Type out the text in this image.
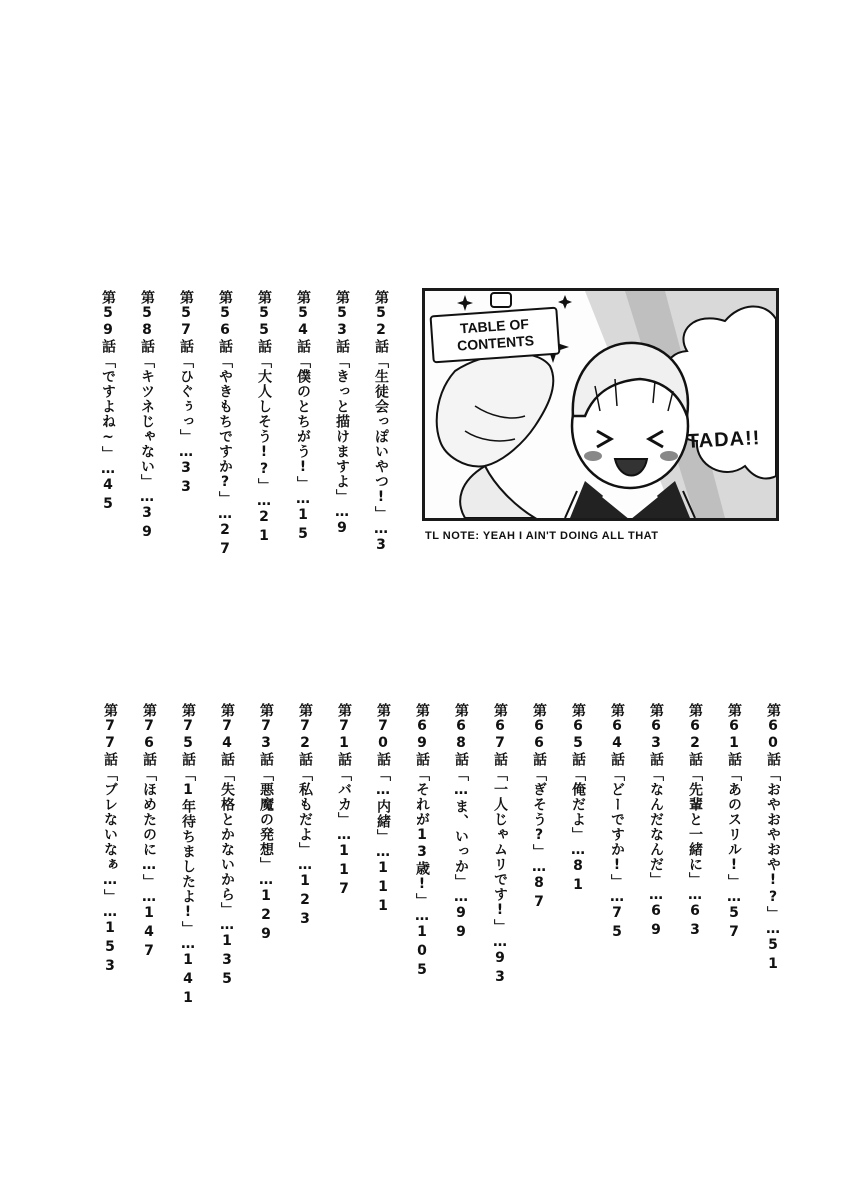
TABLE OF
CONTENTS
TADA!!
TL NOTE: YEAH I AIN'T DOING ALL THAT
第52話「生徒会っぽいやつ!」…3
第53話「きっと描けますよ」…9
第54話「僕のとちがう!」…15
第55話「大人しそう!?」…21
第56話「やきもちですか?」…27
第57話「ひぐぅっ」…33
第58話「キツネじゃない」…39
第59話「ですよね~」…45
第60話「おやおやおや!?」…51
第61話「あのスリル!」…57
第62話「先輩と一緒に」…63
第63話「なんだなんだ」…69
第64話「どーですか!」…75
第65話「俺だよ」…81
第66話「ぎそう?」…87
第67話「一人じゃムリです!」…93
第68話「…ま、いっか」…99
第69話「それが13歳!」…105
第70話「…内緒」…111
第71話「バカ」…117
第72話「私もだよ」…123
第73話「悪魔の発想」…129
第74話「失格とかないから」…135
第75話「1年待ちましたよ!」…141
第76話「ほめたのに…」…147
第77話「ブレないなぁ…」…153
